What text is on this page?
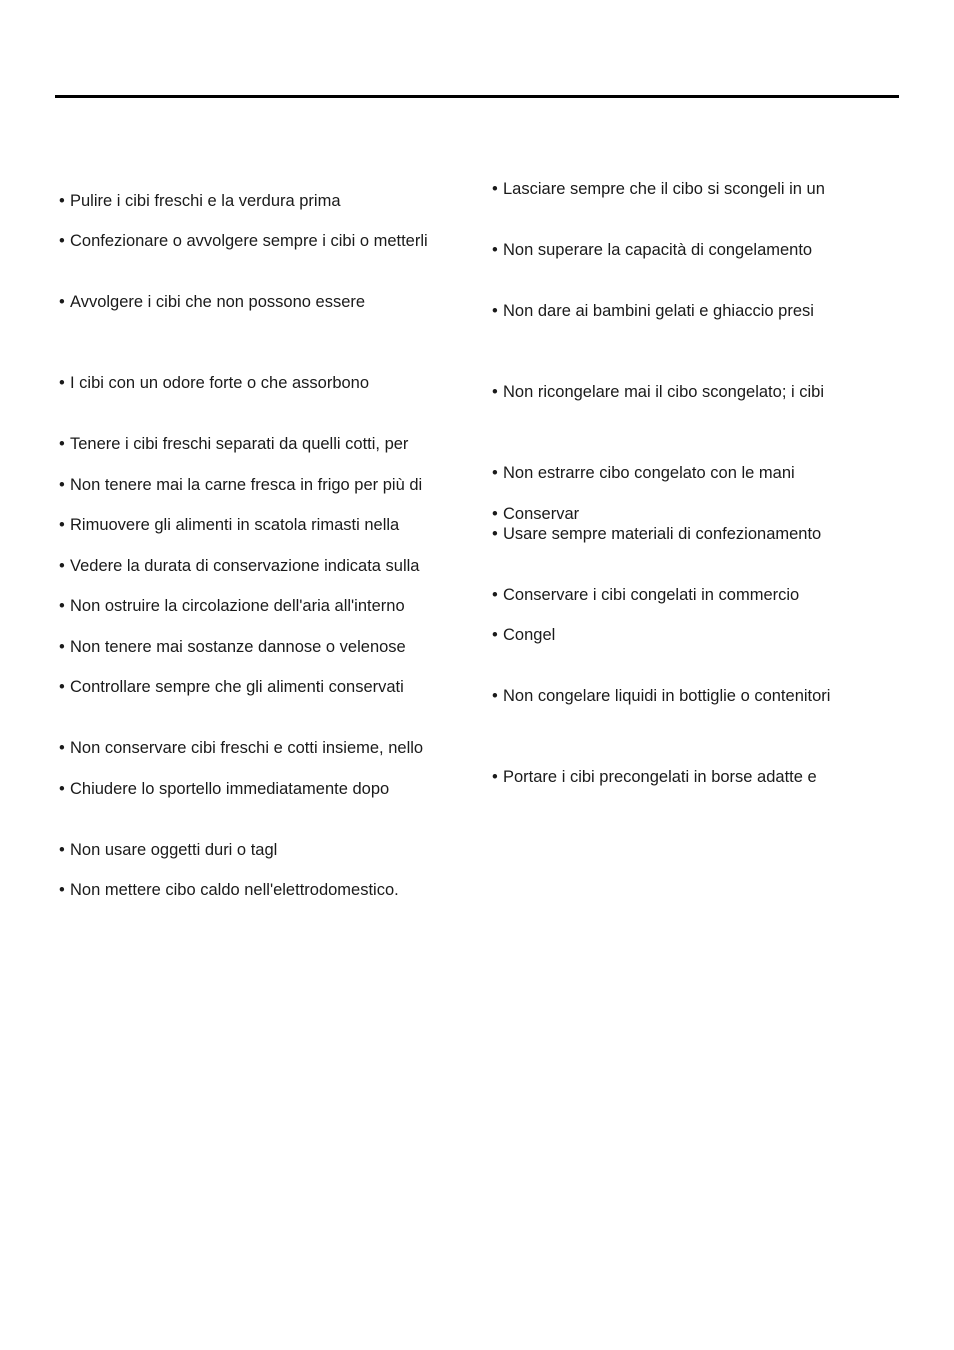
• Pulire i cibi freschi e la verdura prima
• Confezionare o avvolgere sempre i cibi o metterli
• Avvolgere i cibi che non possono essere
• I cibi con un odore forte o che assorbono
• Tenere i cibi freschi separati da quelli cotti, per
• Non tenere mai la carne fresca in frigo per più di
• Rimuovere gli alimenti in scatola rimasti nella
• Vedere la durata di conservazione indicata sulla
• Non ostruire la circolazione dell'aria all'interno
• Non tenere mai sostanze dannose o velenose
• Controllare sempre che gli alimenti conservati
• Non conservare cibi freschi e cotti insieme, nello
• Chiudere lo sportello immediatamente dopo
• Non usare oggetti duri o tagl
• Non mettere cibo caldo nell'elettrodomestico.
• Lasciare sempre che il cibo si scongeli in un
• Non superare la capacità di congelamento
• Non dare ai bambini gelati e ghiaccio presi
• Non ricongelare mai il cibo scongelato; i cibi
• Non estrarre cibo congelato con le mani
• Conservar
• Usare sempre materiali di confezionamento
• Conservare i cibi congelati in commercio
• Congel
• Non congelare liquidi in bottiglie o contenitori
• Portare i cibi precongelati in borse adatte e
